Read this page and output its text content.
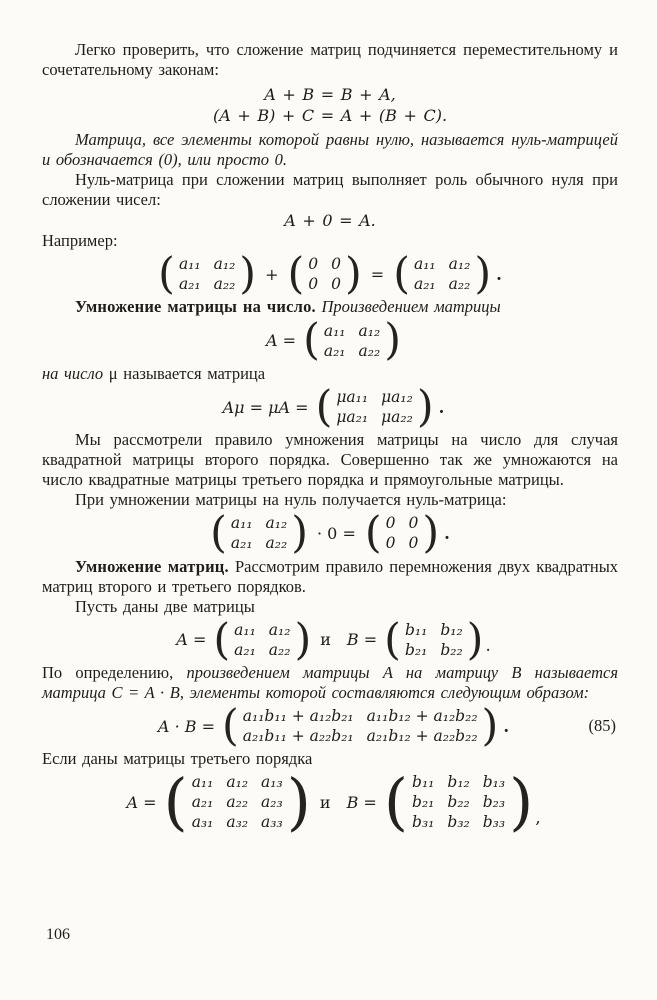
Легко проверить, что сложение матриц подчиняется переместительному и сочетательному законам:

A + B = B + A,

(A + B) + C = A + (B + C).

Матрица, все элементы которой равны нулю, называется нуль-матрицей и обозначается (0), или просто 0.

Нуль-матрица при сложении матриц выполняет роль обычного нуля при сложении чисел:

A + 0 = A.

Например:

( a₁₁ a₁₂
a₂₁ a₂₂ ) + ( 0 0
0 0 ) = ( a₁₁ a₁₂
a₂₁ a₂₂ ) .

Умножение матрицы на число. Произведением матрицы

A = ( a₁₁ a₁₂
a₂₁ a₂₂ )

на число μ называется матрица

Aμ = μA = ( μa₁₁ μa₁₂
μa₂₁ μa₂₂ ) .

Мы рассмотрели правило умножения матрицы на число для случая квадратной матрицы второго порядка. Совершенно так же умножаются на число квадратные матрицы третьего порядка и прямоугольные матрицы.

При умножении матрицы на нуль получается нуль-матрица:

( a₁₁ a₁₂
a₂₁ a₂₂ ) · 0 = ( 0 0
0 0 ) .

Умножение матриц. Рассмотрим правило перемножения двух квадратных матриц второго и третьего порядков.

Пусть даны две матрицы

A = ( a₁₁ a₁₂
a₂₁ a₂₂ ) и B = ( b₁₁ b₁₂
b₂₁ b₂₂ ) .

По определению, произведением матрицы A на матрицу B называется матрица C = A · B, элементы которой составляются следующим образом:

A · B = ( a₁₁b₁₁ + a₁₂b₂₁ a₁₁b₁₂ + a₁₂b₂₂
a₂₁b₁₁ + a₂₂b₂₁ a₂₁b₁₂ + a₂₂b₂₂ ) .	(85)

Если даны матрицы третьего порядка

A = ( a₁₁ a₁₂ a₁₃
a₂₁ a₂₂ a₂₃
a₃₁ a₃₂ a₃₃ ) и B = ( b₁₁ b₁₂ b₁₃
b₂₁ b₂₂ b₂₃
b₃₁ b₃₂ b₃₃ ) ,
106
